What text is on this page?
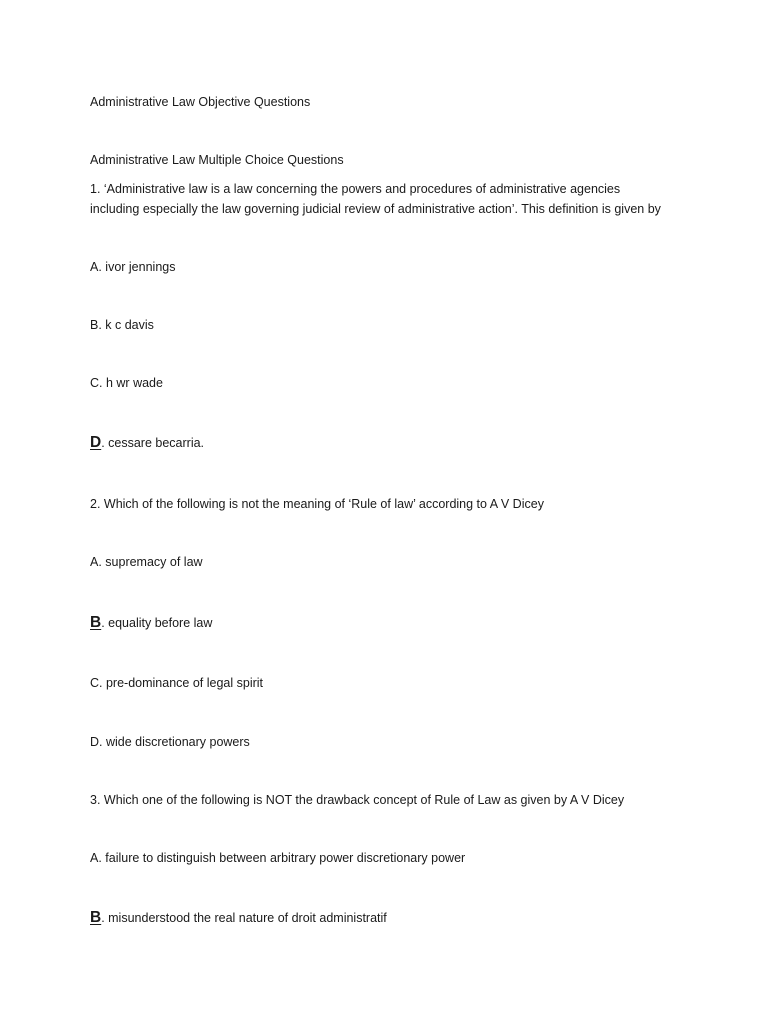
Administrative Law Objective Questions
Administrative Law Multiple Choice Questions
1. ‘Administrative law is a law concerning the powers and procedures of administrative agencies
including especially the law governing judicial review of administrative action’. This definition is given by
A. ivor jennings
B. k c davis
C. h wr wade
D. cessare becarria.
2. Which of the following is not the meaning of ‘Rule of law’ according to A V Dicey
A. supremacy of law
B. equality before law
C. pre-dominance of legal spirit
D. wide discretionary powers
3. Which one of the following is NOT the drawback concept of Rule of Law as given by A V Dicey
A. failure to distinguish between arbitrary power discretionary power
B. misunderstood the real nature of droit administratif
